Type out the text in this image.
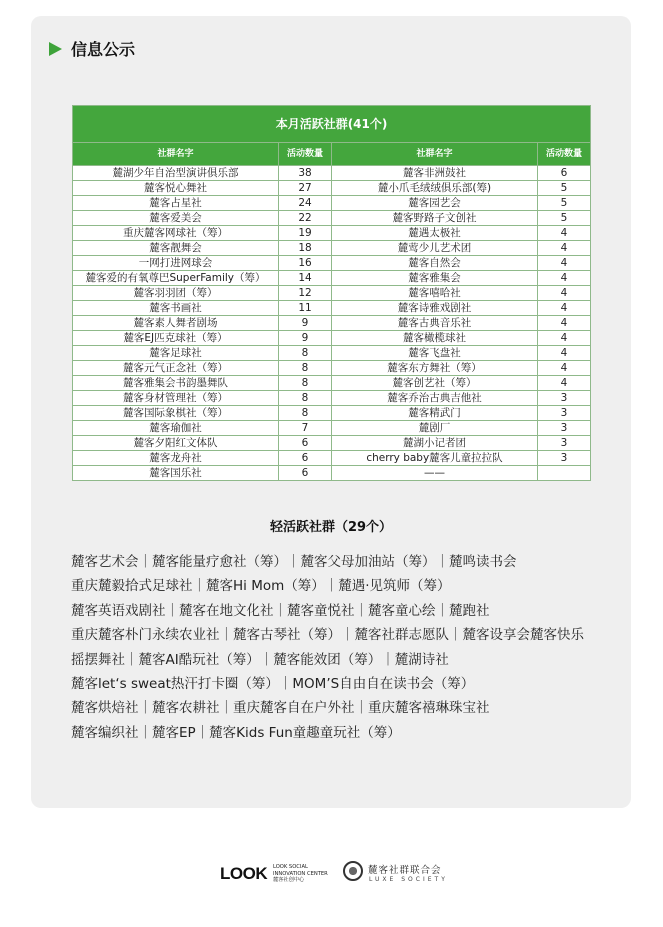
信息公示
本月活跃社群(41个)			
社群名字	活动数量	社群名字	活动数量
麓湖少年自治型演讲俱乐部	38	麓客非洲鼓社	6
麓客悦心舞社	27	麓小爪毛绒绒俱乐部(筹)	5
麓客占星社	24	麓客园艺会	5
麓客爱美会	22	麓客野路子文创社	5
重庆麓客网球社（筹）	19	麓遇太极社	4
麓客靓舞会	18	麓莺少儿艺术团	4
一网打进网球会	16	麓客自然会	4
麓客爱的有氧尊巴SuperFamily（筹）	14	麓客雅集会	4
麓客羽羽团（筹）	12	麓客嘻哈社	4
麓客书画社	11	麓客诗雅戏剧社	4
麓客素人舞者剧场	9	麓客古典音乐社	4
麓客EJ匹克球社（筹）	9	麓客橄榄球社	4
麓客足球社	8	麓客飞盘社	4
麓客元气正念社（筹）	8	麓客东方舞社（筹）	4
麓客雅集会书韵墨舞队	8	麓客创艺社（筹）	4
麓客身材管理社（筹）	8	麓客乔治古典吉他社	3
麓客国际象棋社（筹）	8	麓客精武门	3
麓客瑜伽社	7	麓剧厂	3
麓客夕阳红文体队	6	麓湖小记者团	3
麓客龙舟社	6	cherry baby麓客儿童拉拉队	3
麓客国乐社	6	——	
轻活跃社群（29个）
麓客艺术会｜麓客能量疗愈社（筹）｜麓客父母加油站（筹）｜麓鸣读书会
重庆麓毅拾式足球社｜麓客Hi Mom（筹）｜麓遇·见筑师（筹）
麓客英语戏剧社｜麓客在地文化社｜麓客童悦社｜麓客童心绘｜麓跑社
重庆麓客朴门永续农业社｜麓客古琴社（筹）｜麓客社群志愿队｜麓客设享会麓客快乐
摇摆舞社｜麓客AI酷玩社（筹）｜麓客能效团（筹）｜麓湖诗社
麓客let‘s sweat热汗打卡圈（筹）｜MOM’S自由自在读书会（筹）
麓客烘焙社｜麓客农耕社｜重庆麓客自在户外社｜重庆麓客禧琳珠宝社
麓客编织社｜麓客EP｜麓客Kids Fun童趣童玩社（筹）
LOOK LOOK SOCIAL
INNOVATION CENTER
麓客社创中心
麓客社群联合会
LUXE SOCIETY
